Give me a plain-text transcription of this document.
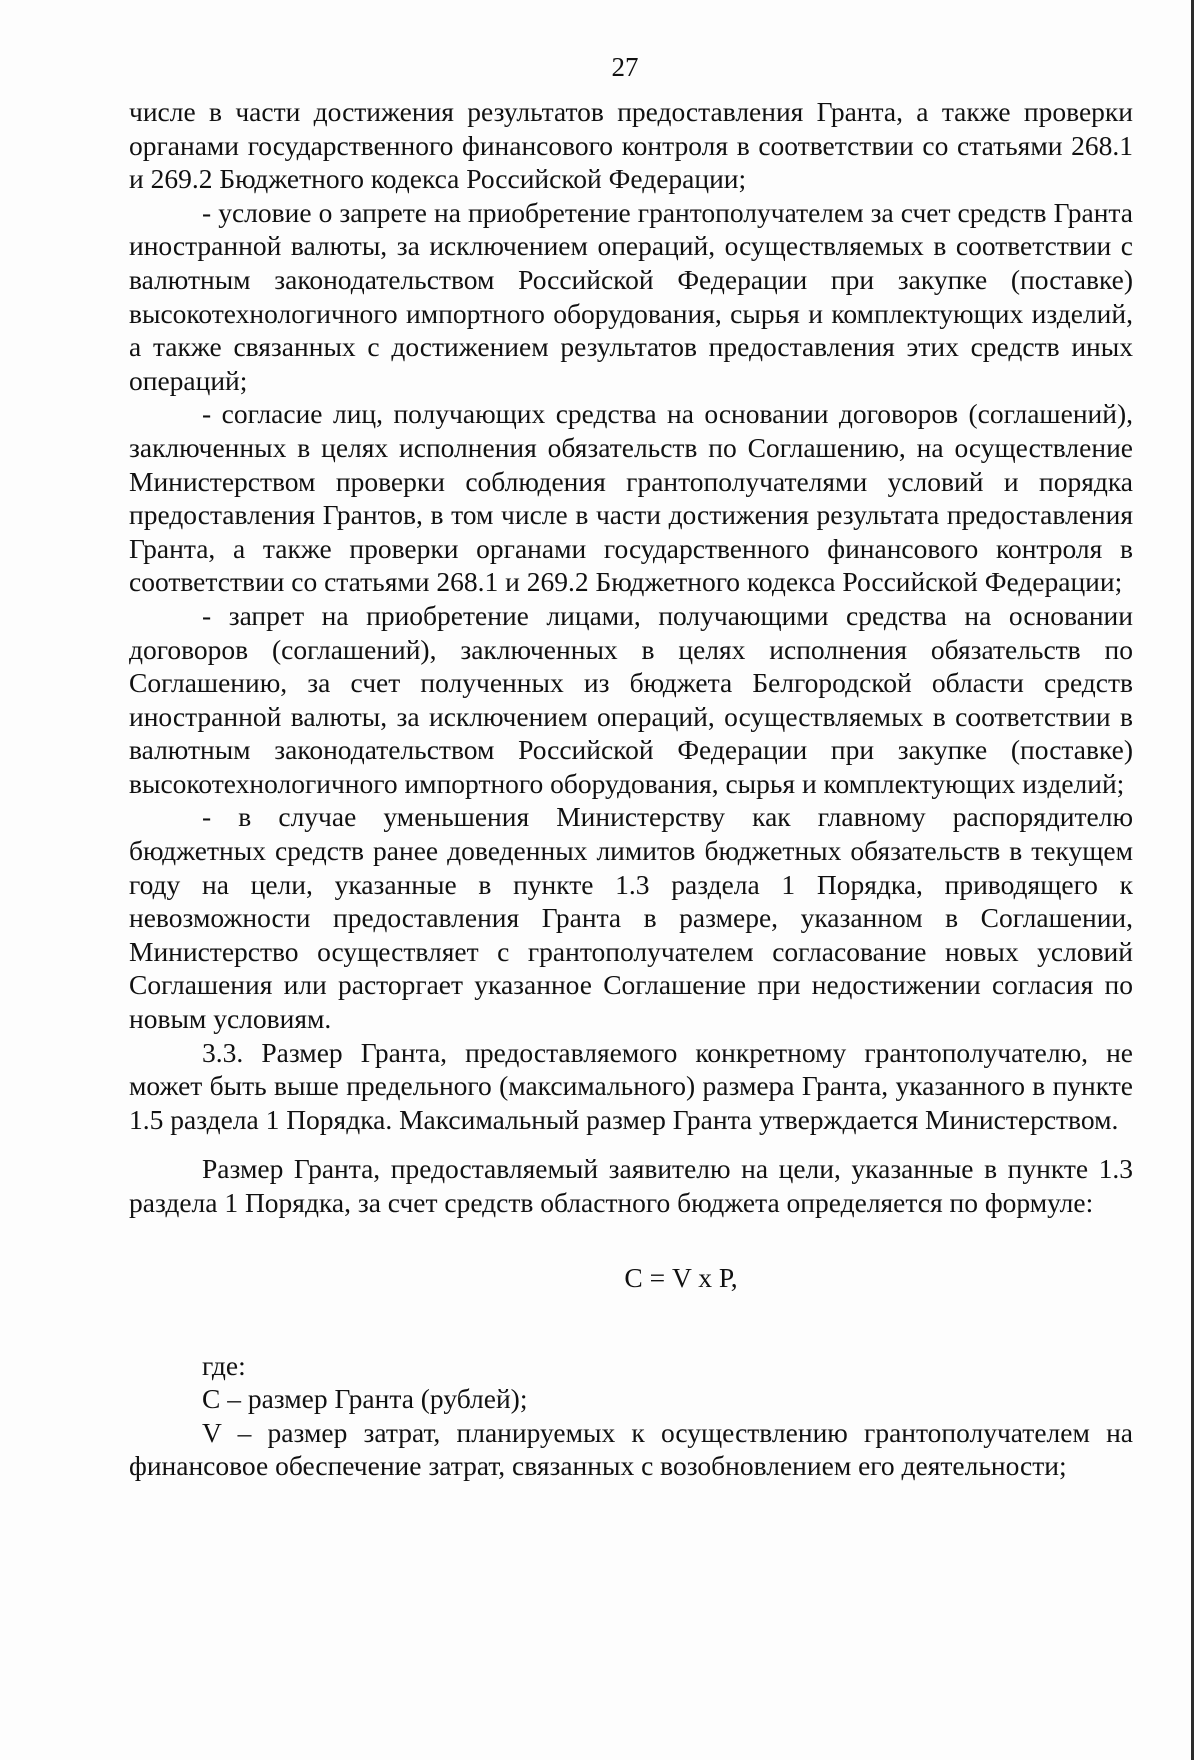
27

числе в части достижения результатов предоставления Гранта, а также проверки органами государственного финансового контроля в соответствии со статьями 268.1 и 269.2 Бюджетного кодекса Российской Федерации;

- условие о запрете на приобретение грантополучателем за счет средств Гранта иностранной валюты, за исключением операций, осуществляемых в соответствии с валютным законодательством Российской Федерации при закупке (поставке) высокотехнологичного импортного оборудования, сырья и комплектующих изделий, а также связанных с достижением результатов предоставления этих средств иных операций;

- согласие лиц, получающих средства на основании договоров (соглашений), заключенных в целях исполнения обязательств по Соглашению, на осуществление Министерством проверки соблюдения грантополучателями условий и порядка предоставления Грантов, в том числе в части достижения результата предоставления Гранта, а также проверки органами государственного финансового контроля в соответствии со статьями 268.1 и 269.2 Бюджетного кодекса Российской Федерации;

- запрет на приобретение лицами, получающими средства на основании договоров (соглашений), заключенных в целях исполнения обязательств по Соглашению, за счет полученных из бюджета Белгородской области средств иностранной валюты, за исключением операций, осуществляемых в соответствии в валютным законодательством Российской Федерации при закупке (поставке) высокотехнологичного импортного оборудования, сырья и комплектующих изделий;

- в случае уменьшения Министерству как главному распорядителю бюджетных средств ранее доведенных лимитов бюджетных обязательств в текущем году на цели, указанные в пункте 1.3 раздела 1 Порядка, приводящего к невозможности предоставления Гранта в размере, указанном в Соглашении, Министерство осуществляет с грантополучателем согласование новых условий Соглашения или расторгает указанное Соглашение при недостижении согласия по новым условиям.

3.3. Размер Гранта, предоставляемого конкретному грантополучателю, не может быть выше предельного (максимального) размера Гранта, указанного в пункте 1.5 раздела 1 Порядка. Максимальный размер Гранта утверждается Министерством.

Размер Гранта, предоставляемый заявителю на цели, указанные в пункте 1.3 раздела 1 Порядка, за счет средств областного бюджета определяется по формуле:

С = V х Р,

где:

С – размер Гранта (рублей);

V – размер затрат, планируемых к осуществлению грантополучателем на финансовое обеспечение затрат, связанных с возобновлением его деятельности;
